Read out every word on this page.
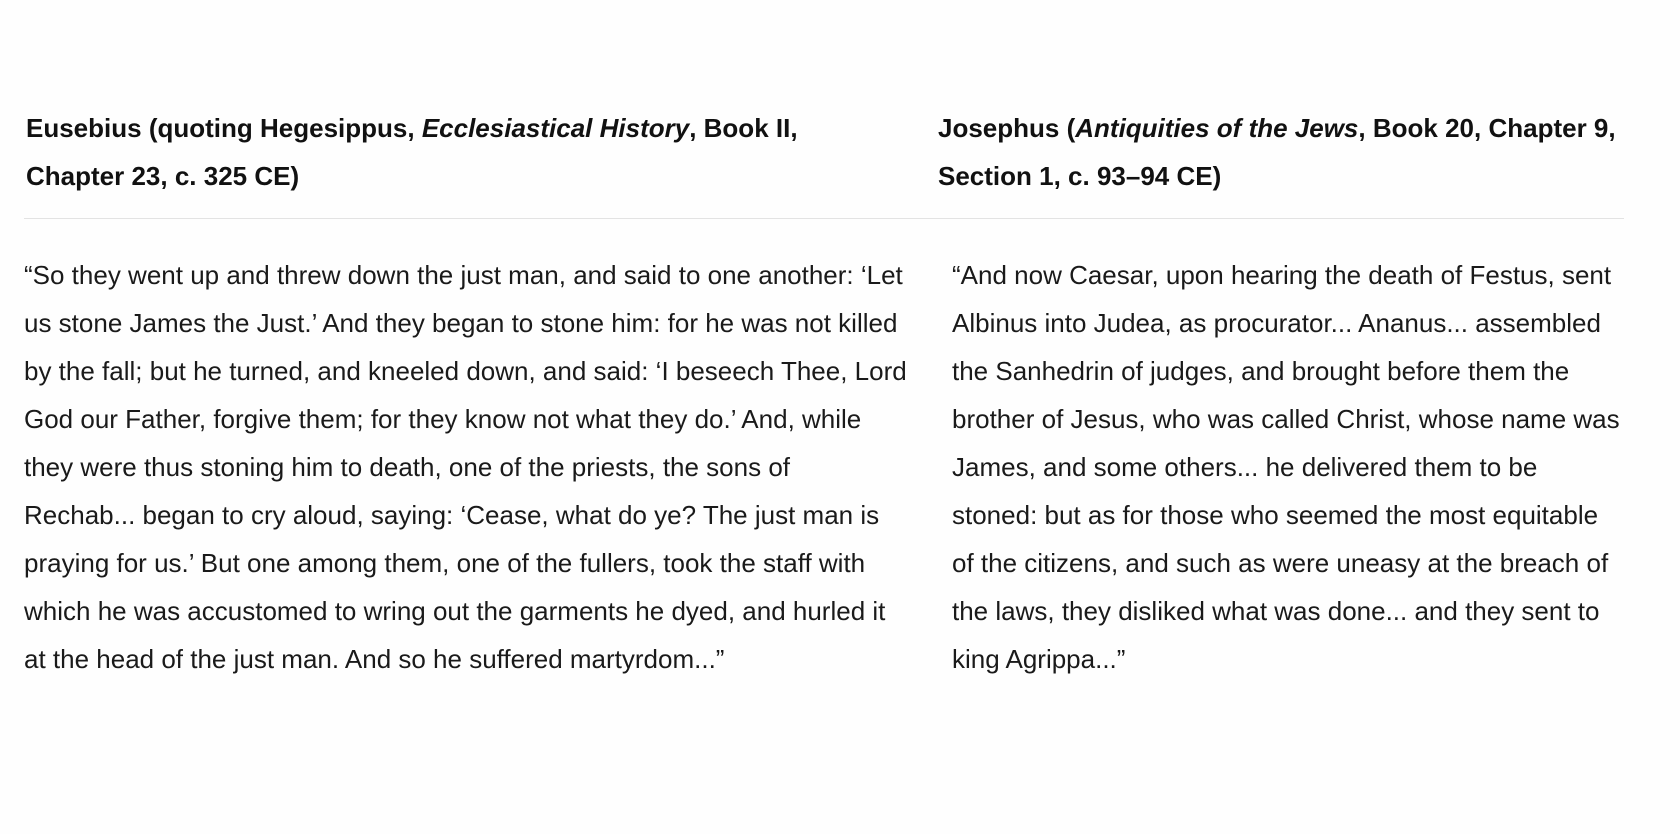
Eusebius (quoting Hegesippus, Ecclesiastical History, Book II, Chapter 23, c. 325 CE)

Josephus (Antiquities of the Jews, Book 20, Chapter 9, Section 1, c. 93–94 CE)

“So they went up and threw down the just man, and said to one another: ‘Let us stone James the Just.’ And they began to stone him: for he was not killed by the fall; but he turned, and kneeled down, and said: ‘I beseech Thee, Lord God our Father, forgive them; for they know not what they do.’ And, while they were thus stoning him to death, one of the priests, the sons of Rechab... began to cry aloud, saying: ‘Cease, what do ye? The just man is praying for us.’ But one among them, one of the fullers, took the staff with which he was accustomed to wring out the garments he dyed, and hurled it at the head of the just man. And so he suffered martyrdom...”

“And now Caesar, upon hearing the death of Festus, sent Albinus into Judea, as procurator... Ananus... assembled the Sanhedrin of judges, and brought before them the brother of Jesus, who was called Christ, whose name was James, and some others... he delivered them to be stoned: but as for those who seemed the most equitable of the citizens, and such as were uneasy at the breach of the laws, they disliked what was done... and they sent to king Agrippa...”
